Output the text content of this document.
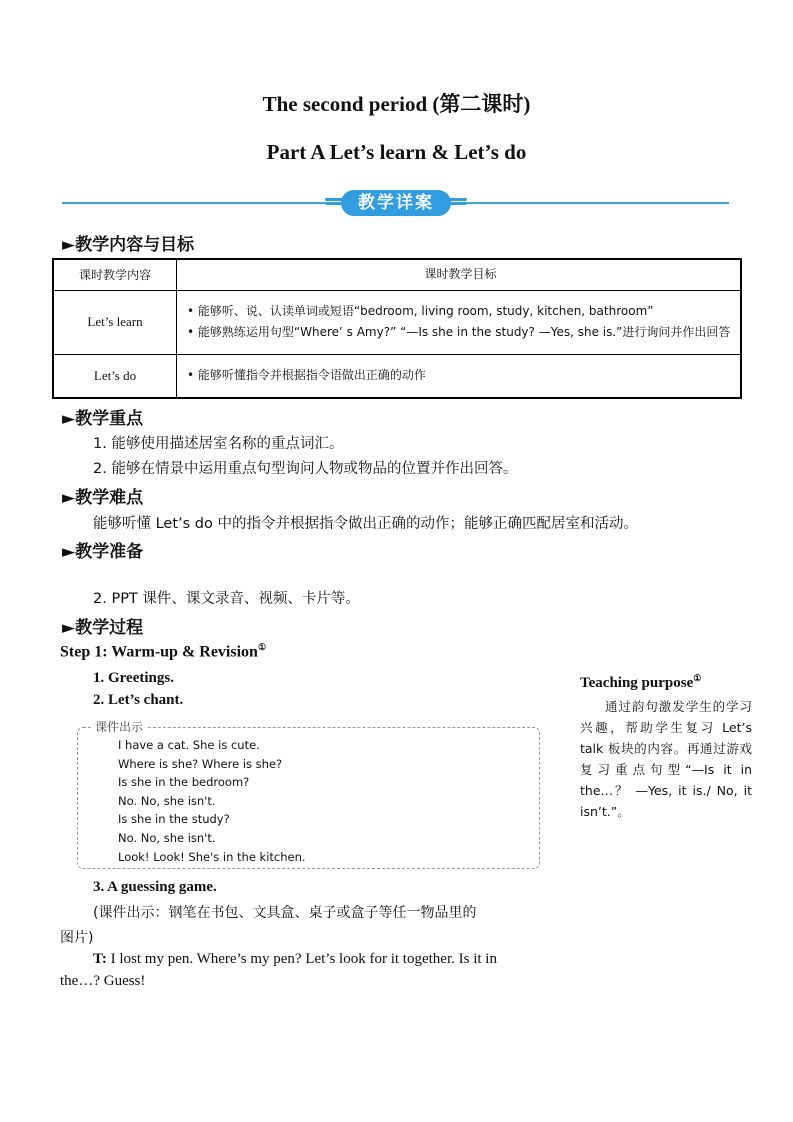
The second period (第二课时)
Part A Let’s learn & Let’s do
教学详案
►教学内容与目标
课时教学内容	课时教学目标
Let’s learn	• 能够听、说、认读单词或短语“bedroom, living room, study, kitchen, bathroom”
• 能够熟练运用句型“Where’ s Amy?” “—Is she in the study? —Yes, she is.”进行询问并作出回答

Let’s do	• 能够听懂指令并根据指令语做出正确的动作
►教学重点
1. 能够使用描述居室名称的重点词汇。
2. 能够在情景中运用重点句型询问人物或物品的位置并作出回答。
►教学难点
能够听懂 Let’s do 中的指令并根据指令做出正确的动作；能够正确匹配居室和活动。
►教学准备
2. PPT 课件、课文录音、视频、卡片等。
►教学过程
Step 1: Warm-up & Revision①
1. Greetings.
2. Let’s chant.
课件出示
I have a cat. She is cute.
Where is she? Where is she?
Is she in the bedroom?
No. No, she isn't.
Is she in the study?
No. No, she isn't.
Look! Look! She's in the kitchen.
3. A guessing game.
(课件出示：钢笔在书包、文具盒、桌子或盒子等任一物品里的
图片)
T: I lost my pen. Where’s my pen? Let’s look for it together. Is it in
the…? Guess!
Teaching purpose①
通过韵句激发学生的学习兴趣，帮助学生复习 Let’s talk 板块的内容。再通过游戏复习重点句型“—Is it in the…？ —Yes, it is./ No, it isn’t.”。
